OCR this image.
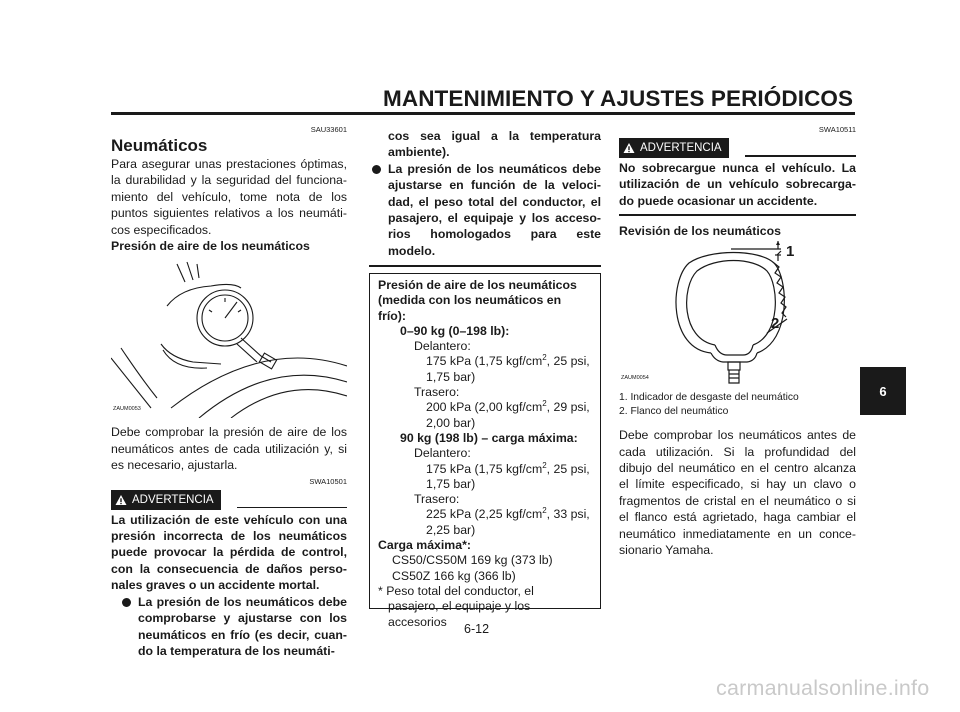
MANTENIMIENTO Y AJUSTES PERIÓDICOS
SAU33601
Neumáticos
Para asegurar unas prestaciones óptimas, la durabilidad y la seguridad del funciona-miento del vehículo, tome nota de los puntos siguientes relativos a los neumáti-cos especificados.
Presión de aire de los neumáticos
ZAUM0053
Debe comprobar la presión de aire de los neumáticos antes de cada utilización y, si es necesario, ajustarla.
SWA10501
ADVERTENCIA
La utilización de este vehículo con una presión incorrecta de los neumáticos puede provocar la pérdida de control, con la consecuencia de daños perso-nales graves o un accidente mortal.
La presión de los neumáticos debe comprobarse y ajustarse con los neumáticos en frío (es decir, cuan-do la temperatura de los neumáti-
cos sea igual a la temperatura ambiente).
La presión de los neumáticos debe ajustarse en función de la veloci-dad, el peso total del conductor, el pasajero, el equipaje y los acceso-rios homologados para este modelo.
Presión de aire de los neumáticos
(medida con los neumáticos en
frío):
0–90 kg (0–198 lb):
Delantero:
175 kPa (1,75 kgf/$cm^2$, 25 psi,
1,75 bar)
Trasero:
200 kPa (2,00 kgf/$cm^2$, 29 psi,
2,00 bar)
90 kg (198 lb) – carga máxima:
Delantero:
175 kPa (1,75 kgf/$cm^2$, 25 psi,
1,75 bar)
Trasero:
225 kPa (2,25 kgf/$cm^2$, 33 psi,
2,25 bar)
Carga máxima*:
CS50/CS50M 169 kg (373 lb)
CS50Z 166 kg (366 lb)
* Peso total del conductor, el
pasajero, el equipaje y los
accesorios
SWA10511
ADVERTENCIA
No sobrecargue nunca el vehículo. La utilización de un vehículo sobrecarga-do puede ocasionar un accidente.
Revisión de los neumáticos
1
2
ZAUM0054
1. Indicador de desgaste del neumático
2. Flanco del neumático
Debe comprobar los neumáticos antes de cada utilización. Si la profundidad del dibujo del neumático en el centro alcanza el límite especificado, si hay un clavo o fragmentos de cristal en el neumático o si el flanco está agrietado, haga cambiar el neumático inmediatamente en un conce-sionario Yamaha.
6-12
6
carmanualsonline.info
